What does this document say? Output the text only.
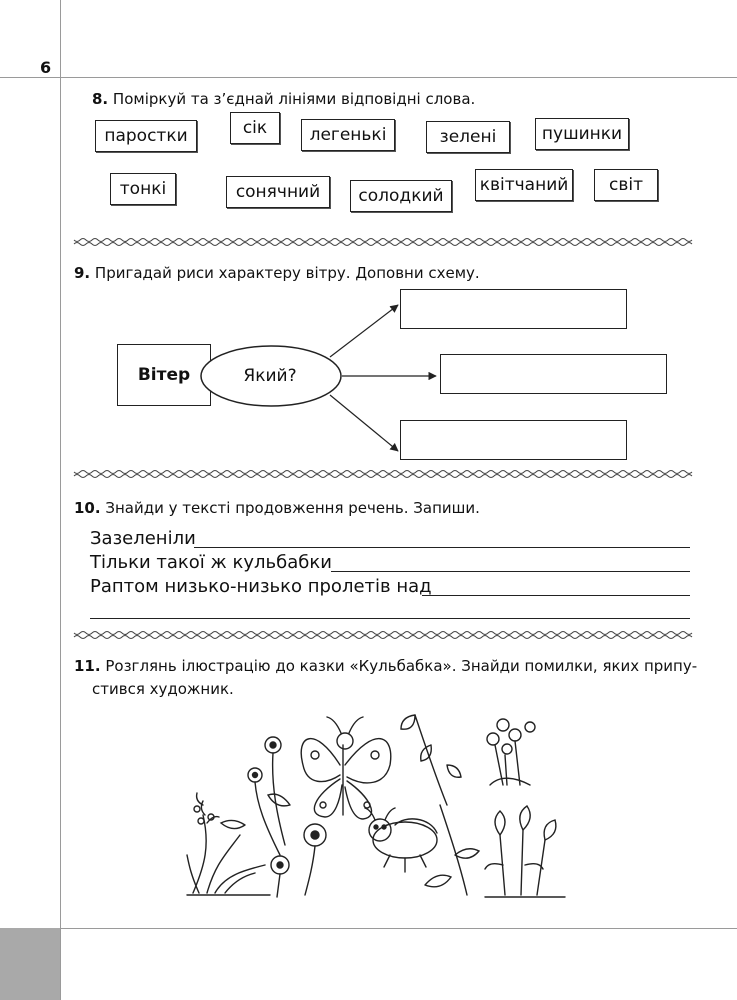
6
8. Поміркуй та з’єднай лініями відповідні слова.
паростки	сік	легенькі	зелені	пушинки
тонкі	сонячний	солодкий
квітчаний	світ
9. Пригадай риси характеру вітру. Доповни схему.
Вітер	Який?
10. Знайди у тексті продовження речень. Запиши.
Зазеленіли
Тільки такої ж кульбабки
Раптом низько-низько пролетів над
11. Розглянь ілюстрацію до казки «Кульбабка». Знайди помилки, яких припу-
стився художник.
